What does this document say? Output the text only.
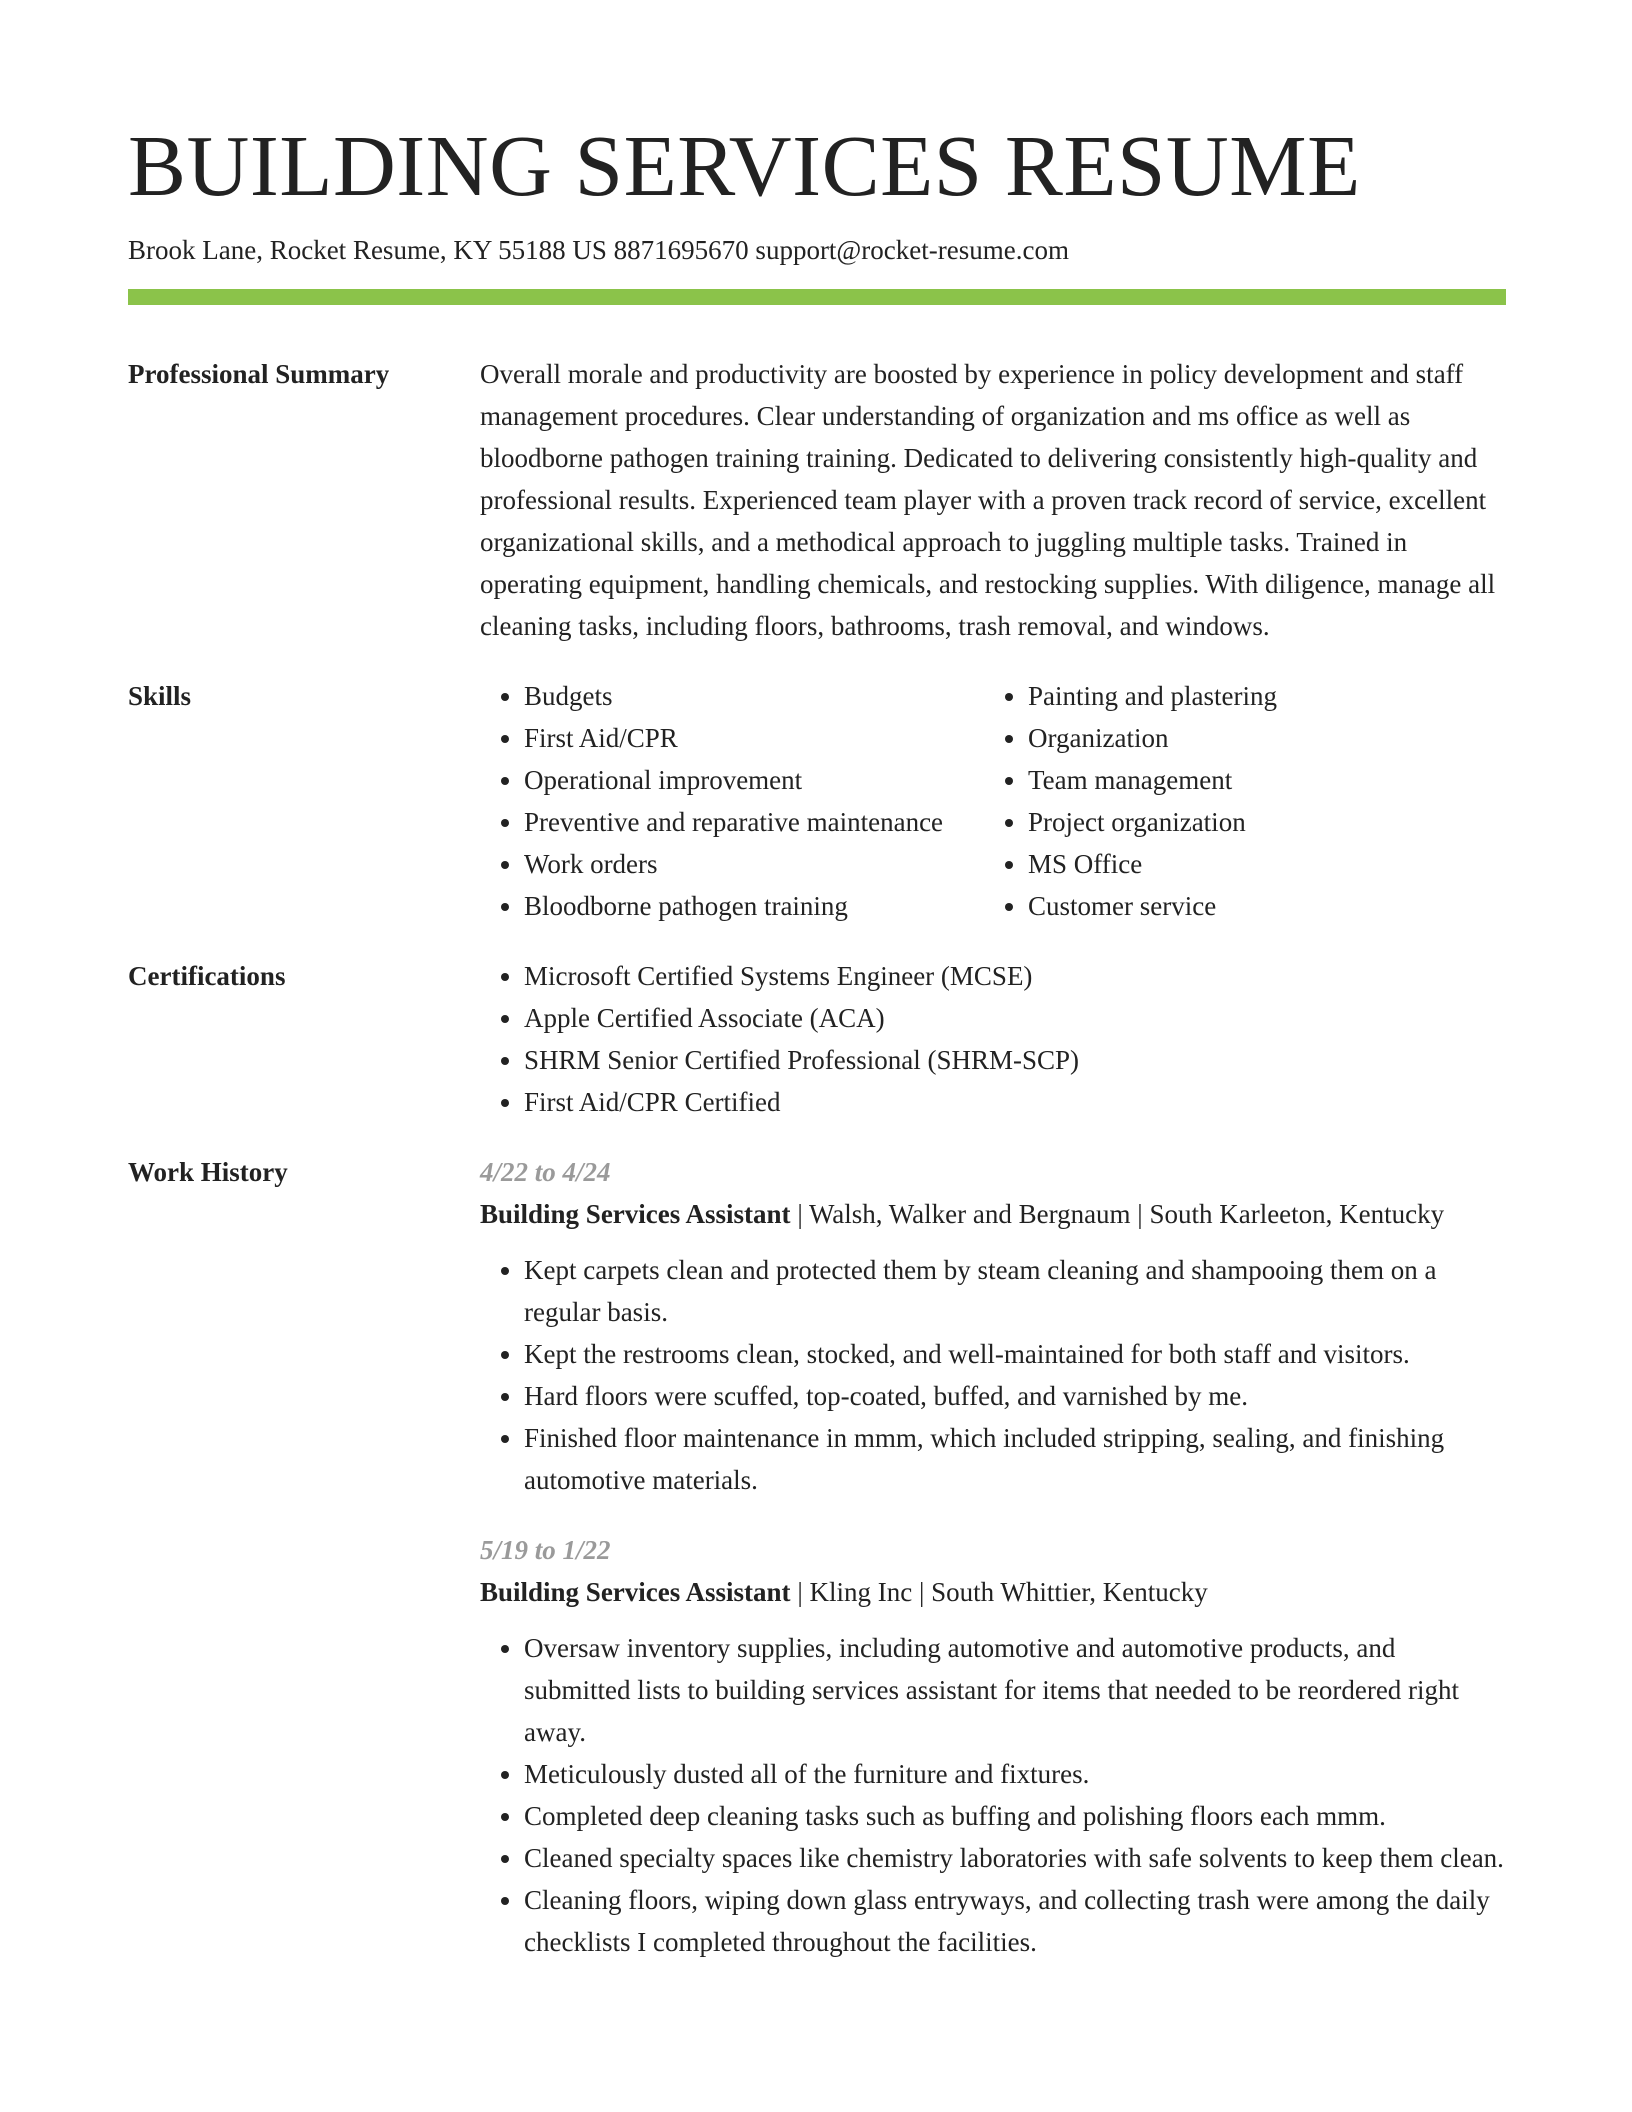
BUILDING SERVICES RESUME
Brook Lane, Rocket Resume, KY 55188 US 8871695670 support@rocket-resume.com
Professional Summary	Overall morale and productivity are boosted by experience in policy development and staff management procedures. Clear understanding of organization and ms office as well as bloodborne pathogen training training. Dedicated to delivering consistently high-quality and professional results. Experienced team player with a proven track record of service, excellent organizational skills, and a methodical approach to juggling multiple tasks. Trained in operating equipment, handling chemicals, and restocking supplies. With diligence, manage all cleaning tasks, including floors, bathrooms, trash removal, and windows.

Skills	• Budgets
• First Aid/CPR
• Operational improvement
• Preventive and reparative maintenance
• Work orders
• Bloodborne pathogen training
• Painting and plastering
• Organization
• Team management
• Project organization
• MS Office
• Customer service
Certifications	• Microsoft Certified Systems Engineer (MCSE)
• Apple Certified Associate (ACA)
• SHRM Senior Certified Professional (SHRM-SCP)
• First Aid/CPR Certified
Work History	4/22 to 4/24
Building Services Assistant | Walsh, Walker and Bergnaum | South Karleeton, Kentucky
• Kept carpets clean and protected them by steam cleaning and shampooing them on a regular basis.
• Kept the restrooms clean, stocked, and well-maintained for both staff and visitors.
• Hard floors were scuffed, top-coated, buffed, and varnished by me.
• Finished floor maintenance in mmm, which included stripping, sealing, and finishing automotive materials.
5/19 to 1/22
Building Services Assistant | Kling Inc | South Whittier, Kentucky
• Oversaw inventory supplies, including automotive and automotive products, and submitted lists to building services assistant for items that needed to be reordered right away.
• Meticulously dusted all of the furniture and fixtures.
• Completed deep cleaning tasks such as buffing and polishing floors each mmm.
• Cleaned specialty spaces like chemistry laboratories with safe solvents to keep them clean.
• Cleaning floors, wiping down glass entryways, and collecting trash were among the daily checklists I completed throughout the facilities.
